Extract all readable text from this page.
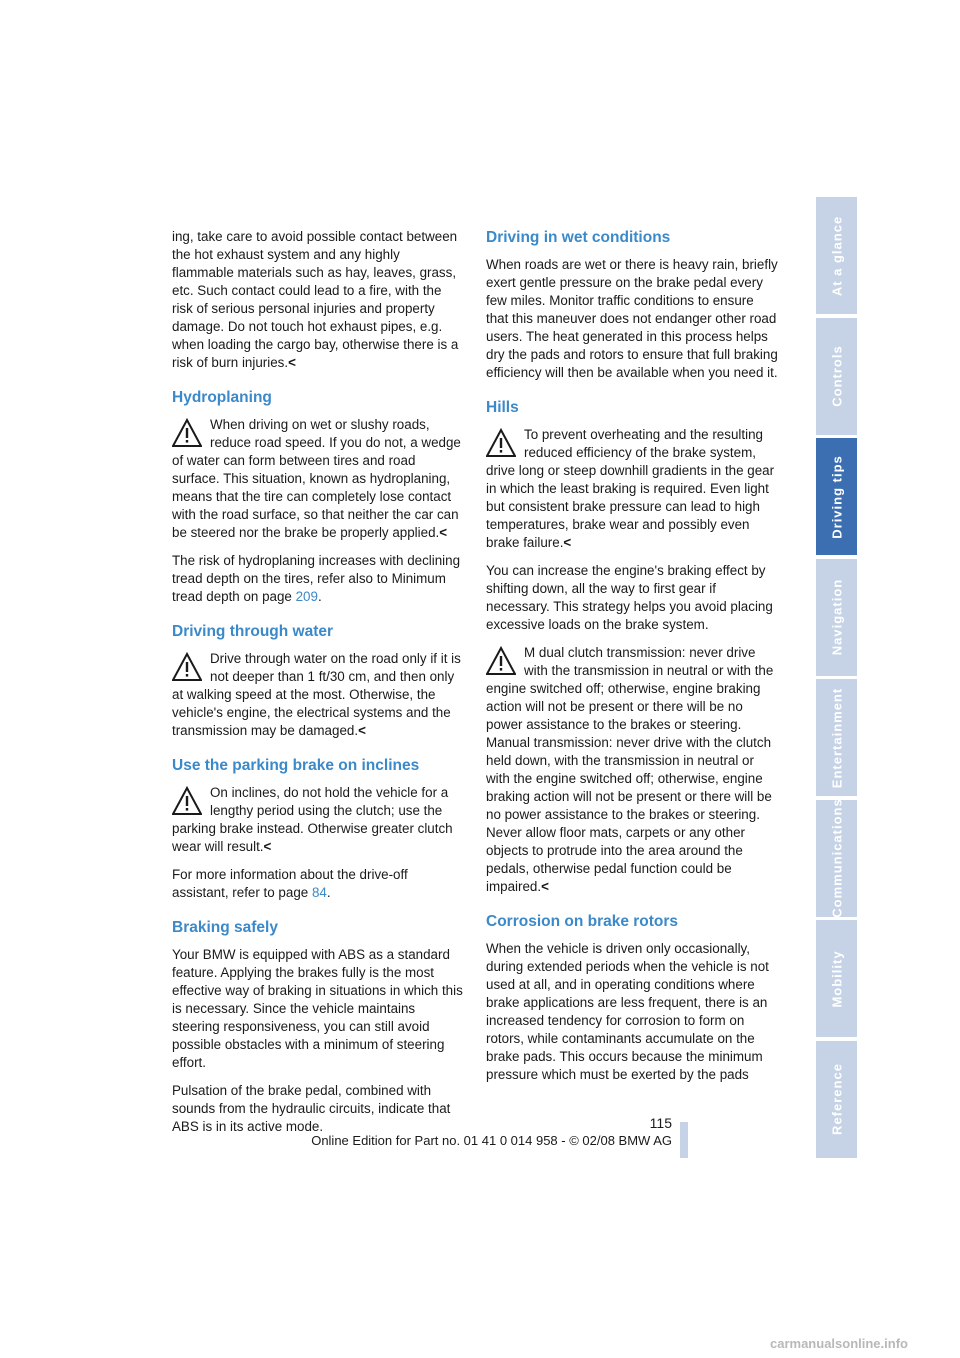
ing, take care to avoid possible contact between the hot exhaust system and any highly flammable materials such as hay, leaves, grass, etc. Such contact could lead to a fire, with the risk of serious personal injuries and property damage. Do not touch hot exhaust pipes, e.g. when loading the cargo bay, otherwise there is a risk of burn injuries.<

Hydroplaning
When driving on wet or slushy roads, reduce road speed. If you do not, a wedge of water can form between tires and road surface. This situation, known as hydroplaning, means that the tire can completely lose contact with the road surface, so that neither the car can be steered nor the brake be properly applied.<

The risk of hydroplaning increases with declining tread depth on the tires, refer also to Minimum tread depth on page 209.

Driving through water
Drive through water on the road only if it is not deeper than 1 ft/30 cm, and then only at walking speed at the most. Otherwise, the vehicle's engine, the electrical systems and the transmission may be damaged.<
Use the parking brake on inclines
On inclines, do not hold the vehicle for a lengthy period using the clutch; use the parking brake instead. Otherwise greater clutch wear will result.<

For more information about the drive-off assistant, refer to page 84.

Braking safely

Your BMW is equipped with ABS as a standard feature. Applying the brakes fully is the most effective way of braking in situations in which this is necessary. Since the vehicle maintains steering responsiveness, you can still avoid possible obstacles with a minimum of steering effort.

Pulsation of the brake pedal, combined with sounds from the hydraulic circuits, indicate that ABS is in its active mode.

Driving in wet conditions

When roads are wet or there is heavy rain, briefly exert gentle pressure on the brake pedal every few miles. Monitor traffic conditions to ensure that this maneuver does not endanger other road users. The heat generated in this process helps dry the pads and rotors to ensure that full braking efficiency will then be available when you need it.

Hills
To prevent overheating and the resulting reduced efficiency of the brake system, drive long or steep downhill gradients in the gear in which the least braking is required. Even light but consistent brake pressure can lead to high temperatures, brake wear and possibly even brake failure.<

You can increase the engine's braking effect by shifting down, all the way to first gear if necessary. This strategy helps you avoid placing excessive loads on the brake system.

M dual clutch transmission: never drive with the transmission in neutral or with the engine switched off; otherwise, engine braking action will not be present or there will be no power assistance to the brakes or steering.
Manual transmission: never drive with the clutch held down, with the transmission in neutral or with the engine switched off; otherwise, engine braking action will not be present or there will be no power assistance to the brakes or steering.
Never allow floor mats, carpets or any other objects to protrude into the area around the pedals, otherwise pedal function could be impaired.<
Corrosion on brake rotors

When the vehicle is driven only occasionally, during extended periods when the vehicle is not used at all, and in operating conditions where brake applications are less frequent, there is an increased tendency for corrosion to form on rotors, while contaminants accumulate on the brake pads. This occurs because the minimum pressure which must be exerted by the pads

At a glance
Controls
Driving tips
Navigation
Entertainment
Communications
Mobility
Reference
115
Online Edition for Part no. 01 41 0 014 958 - © 02/08 BMW AG
carmanualsonline.info
